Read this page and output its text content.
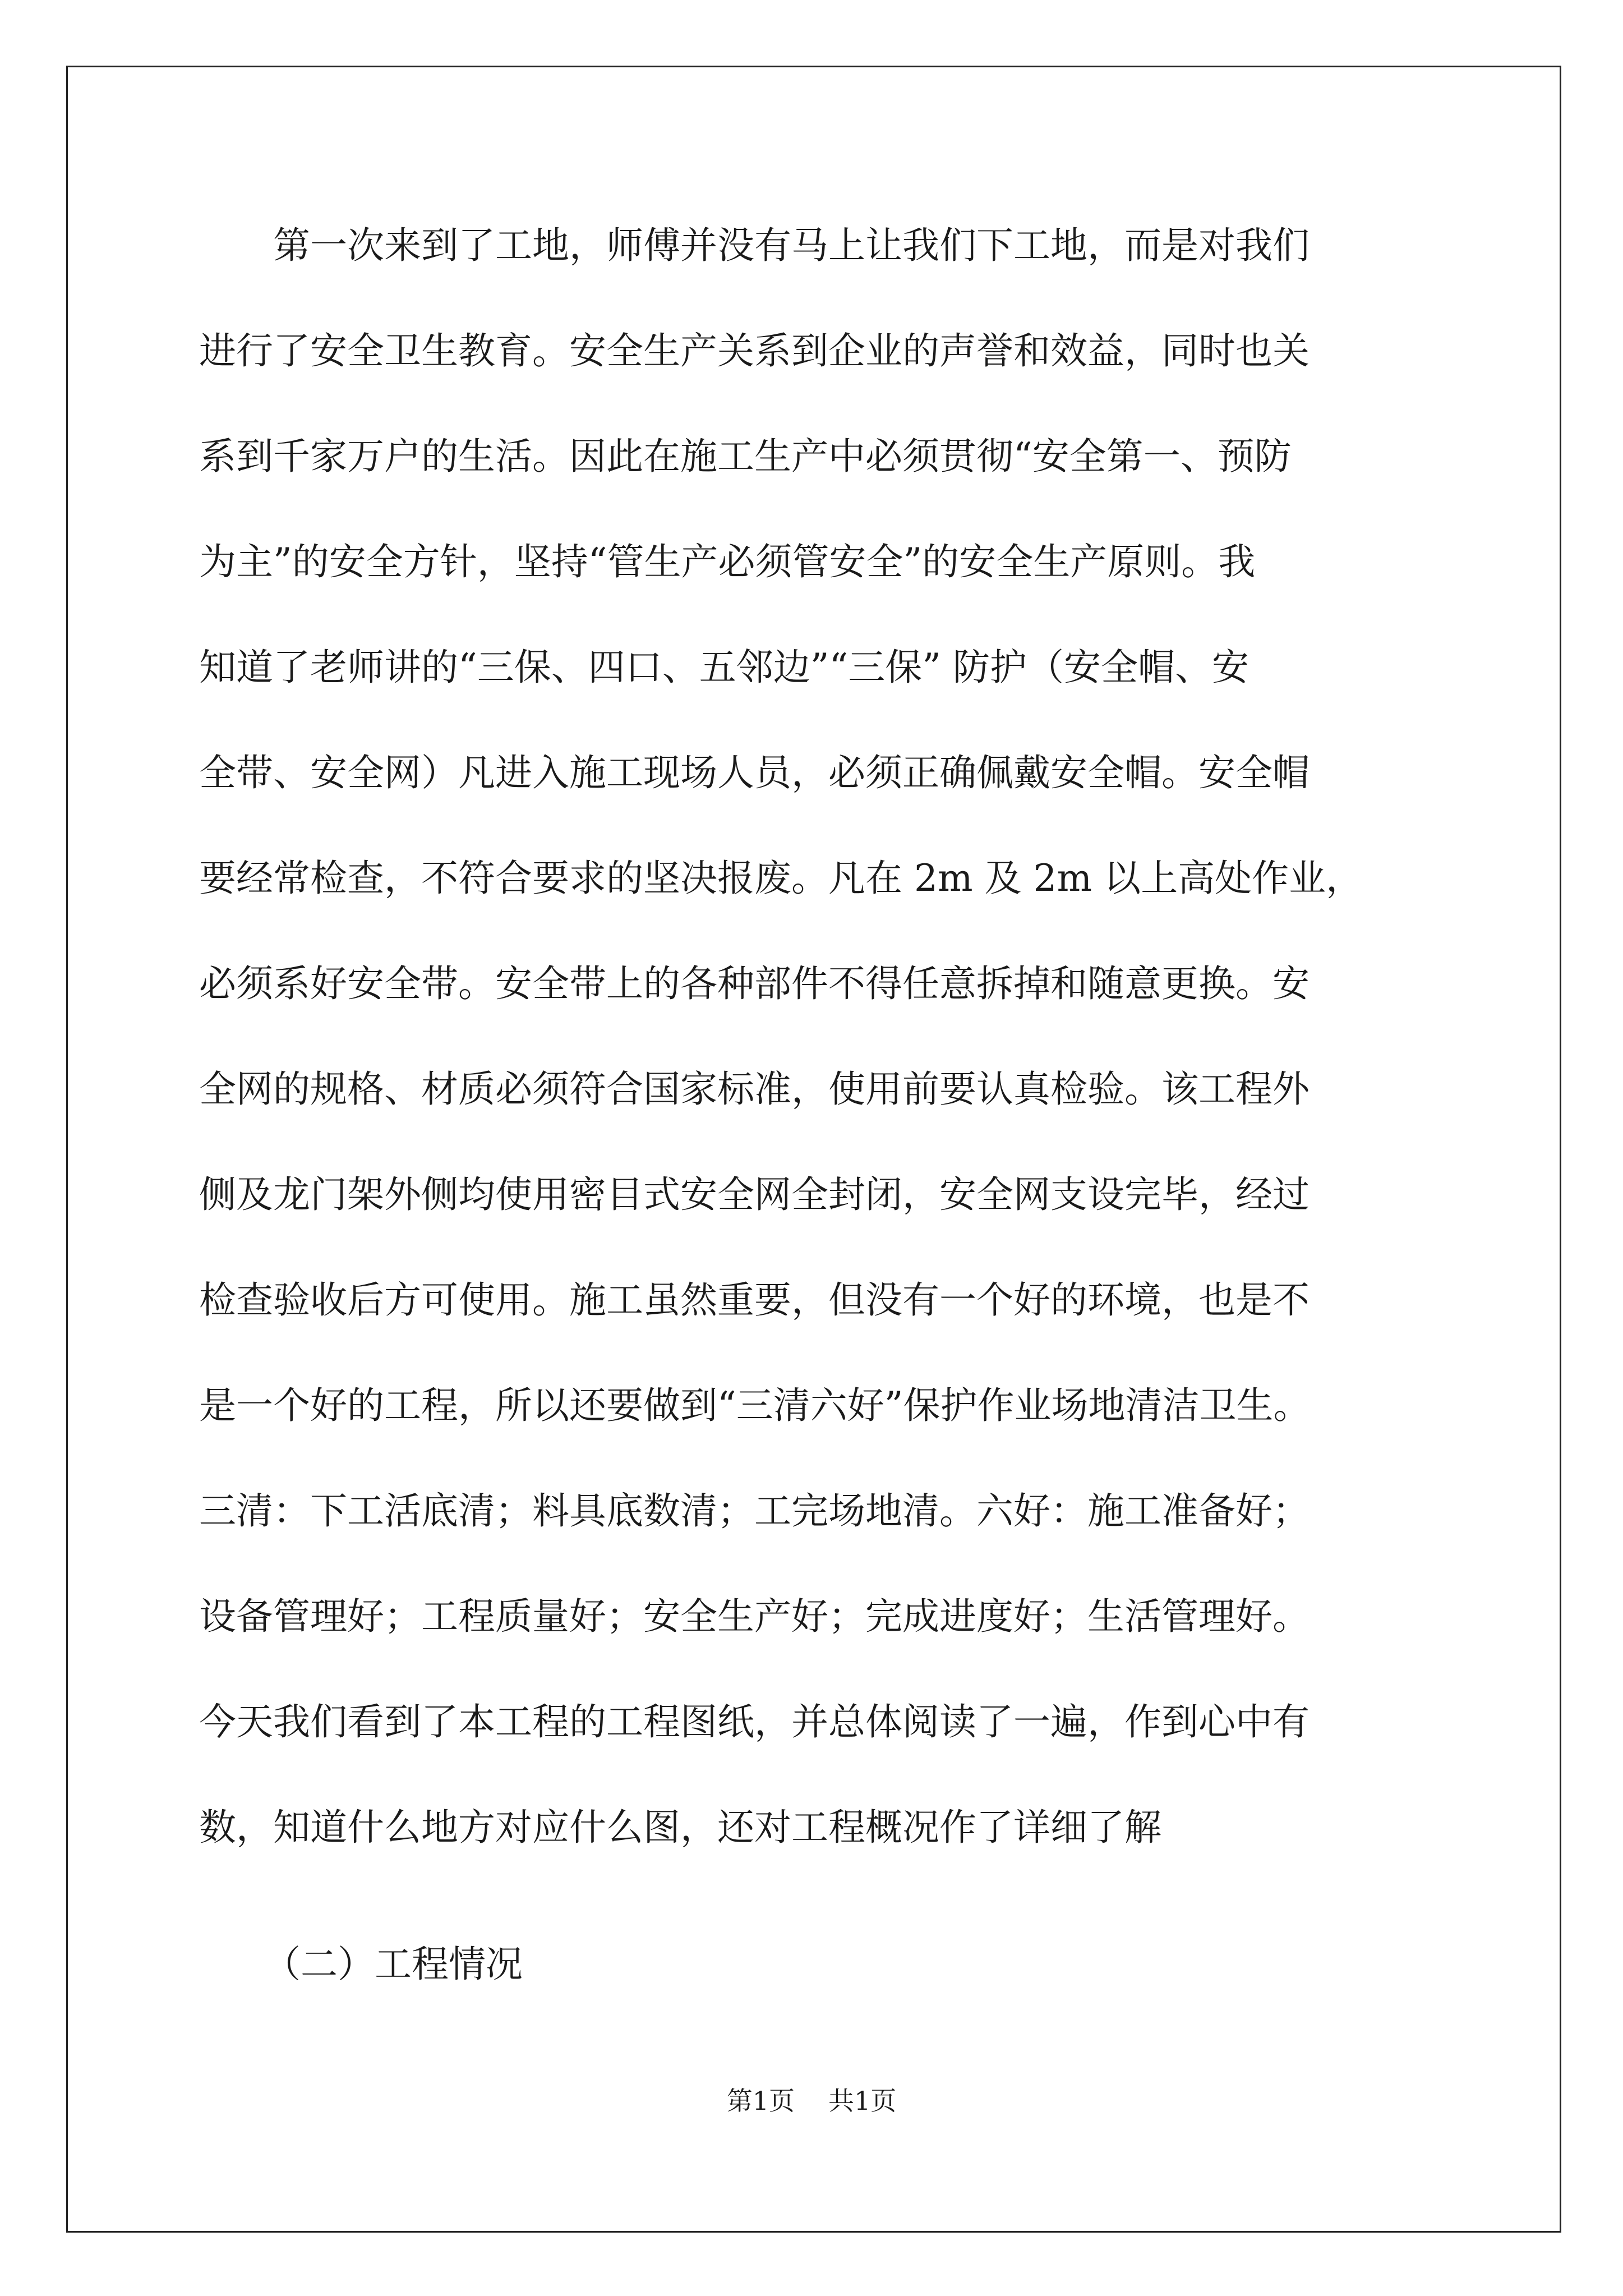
　　第一次来到了工地，师傅并没有马上让我们下工地，而是对我们
进行了安全卫生教育。安全生产关系到企业的声誉和效益，同时也关
系到千家万户的生活。因此在施工生产中必须贯彻“安全第一、预防
为主”的安全方针，坚持“管生产必须管安全”的安全生产原则。我
知道了老师讲的“三保、四口、五邻边”“三保” 防护（安全帽、安
全带、安全网）凡进入施工现场人员，必须正确佩戴安全帽。安全帽
要经常检查，不符合要求的坚决报废。凡在 2m 及 2m 以上高处作业，
必须系好安全带。安全带上的各种部件不得任意拆掉和随意更换。安
全网的规格、材质必须符合国家标准，使用前要认真检验。该工程外
侧及龙门架外侧均使用密目式安全网全封闭，安全网支设完毕，经过
检查验收后方可使用。施工虽然重要，但没有一个好的环境，也是不
是一个好的工程，所以还要做到“三清六好”保护作业场地清洁卫生。
三清：下工活底清；料具底数清；工完场地清。六好：施工准备好；
设备管理好；工程质量好；安全生产好；完成进度好；生活管理好。
今天我们看到了本工程的工程图纸，并总体阅读了一遍，作到心中有
数，知道什么地方对应什么图，还对工程概况作了详细了解
（二）工程情况
第1页 共1页
